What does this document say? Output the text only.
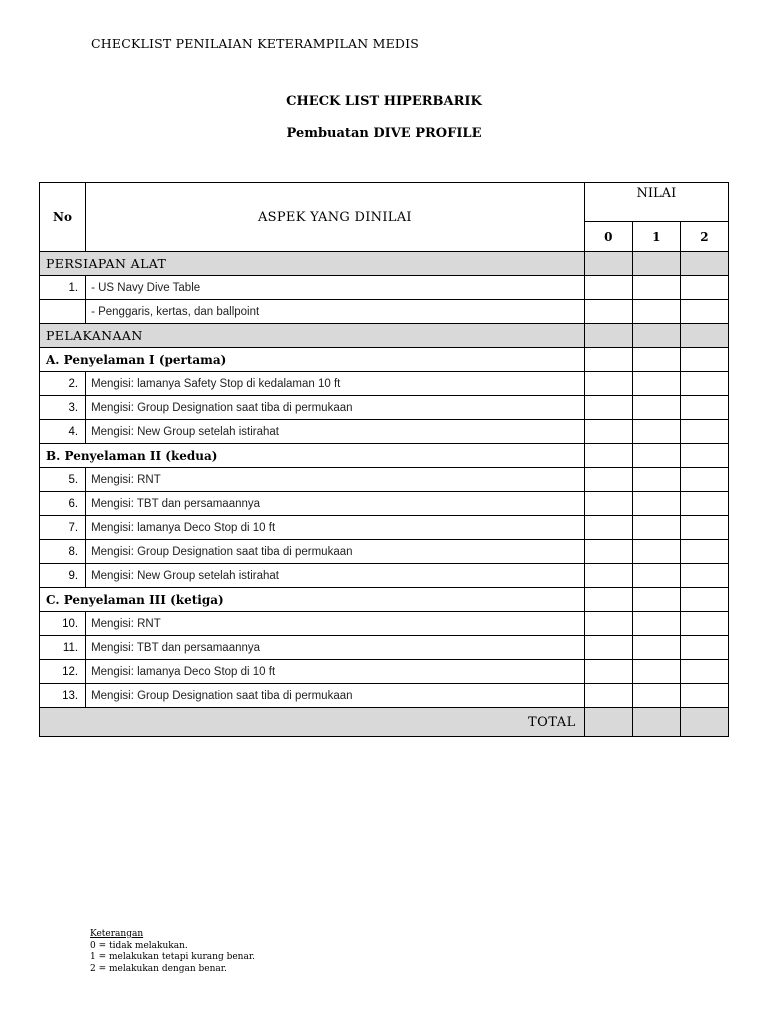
CHECKLIST PENILAIAN KETERAMPILAN MEDIS
CHECK LIST HIPERBARIK
Pembuatan DIVE PROFILE
No	ASPEK YANG DINILAI	NILAI		
		0	1	2
PERSIAPAN ALAT				
1.	- US Navy Dive Table			
	- Penggaris, kertas, dan ballpoint			
PELAKANAAN				
A. Penyelaman I (pertama)				
2.	Mengisi: lamanya Safety Stop di kedalaman 10 ft			
3.	Mengisi: Group Designation saat tiba di permukaan			
4.	Mengisi: New Group setelah istirahat			
B. Penyelaman II (kedua)				
5.	Mengisi: RNT			
6.	Mengisi: TBT dan persamaannya			
7.	Mengisi: lamanya Deco Stop di 10 ft			
8.	Mengisi: Group Designation saat tiba di permukaan			
9.	Mengisi: New Group setelah istirahat			
C. Penyelaman III (ketiga)				
10.	Mengisi: RNT			
11.	Mengisi: TBT dan persamaannya			
12.	Mengisi: lamanya Deco Stop di 10 ft			
13.	Mengisi: Group Designation saat tiba di permukaan			
TOTAL				
Keterangan
0 = tidak melakukan.
1 = melakukan tetapi kurang benar.
2 = melakukan dengan benar.
